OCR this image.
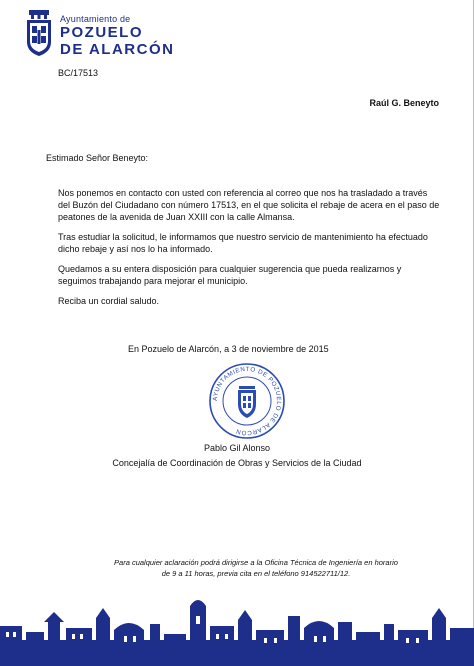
Ayuntamiento de
POZUELO
DE ALARCÓN
BC/17513
Raúl G. Beneyto
Estimado Señor Beneyto:

Nos ponemos en contacto con usted con referencia al correo que nos ha trasladado a través del Buzón del Ciudadano con número 17513, en el que solicita el rebaje de acera en el paso de peatones de la avenida de Juan XXIII con la calle Almansa.

Tras estudiar la solicitud, le informamos que nuestro servicio de mantenimiento ha efectuado dicho rebaje y así nos lo ha informado.

Quedamos a su entera disposición para cualquier sugerencia que pueda realizarnos y seguimos trabajando para mejorar el municipio.

Reciba un cordial saludo.

En Pozuelo de Alarcón, a 3 de noviembre de 2015
AYUNTAMIENTO DE POZUELO DE ALARCÓN
Pablo Gil Alonso
Concejalía de Coordinación de Obras y Servicios de la Ciudad
Para cualquier aclaración podrá dirigirse a la Oficina Técnica de Ingeniería en horario
de 9 a 11 horas, previa cita en el teléfono 914522711/12.
